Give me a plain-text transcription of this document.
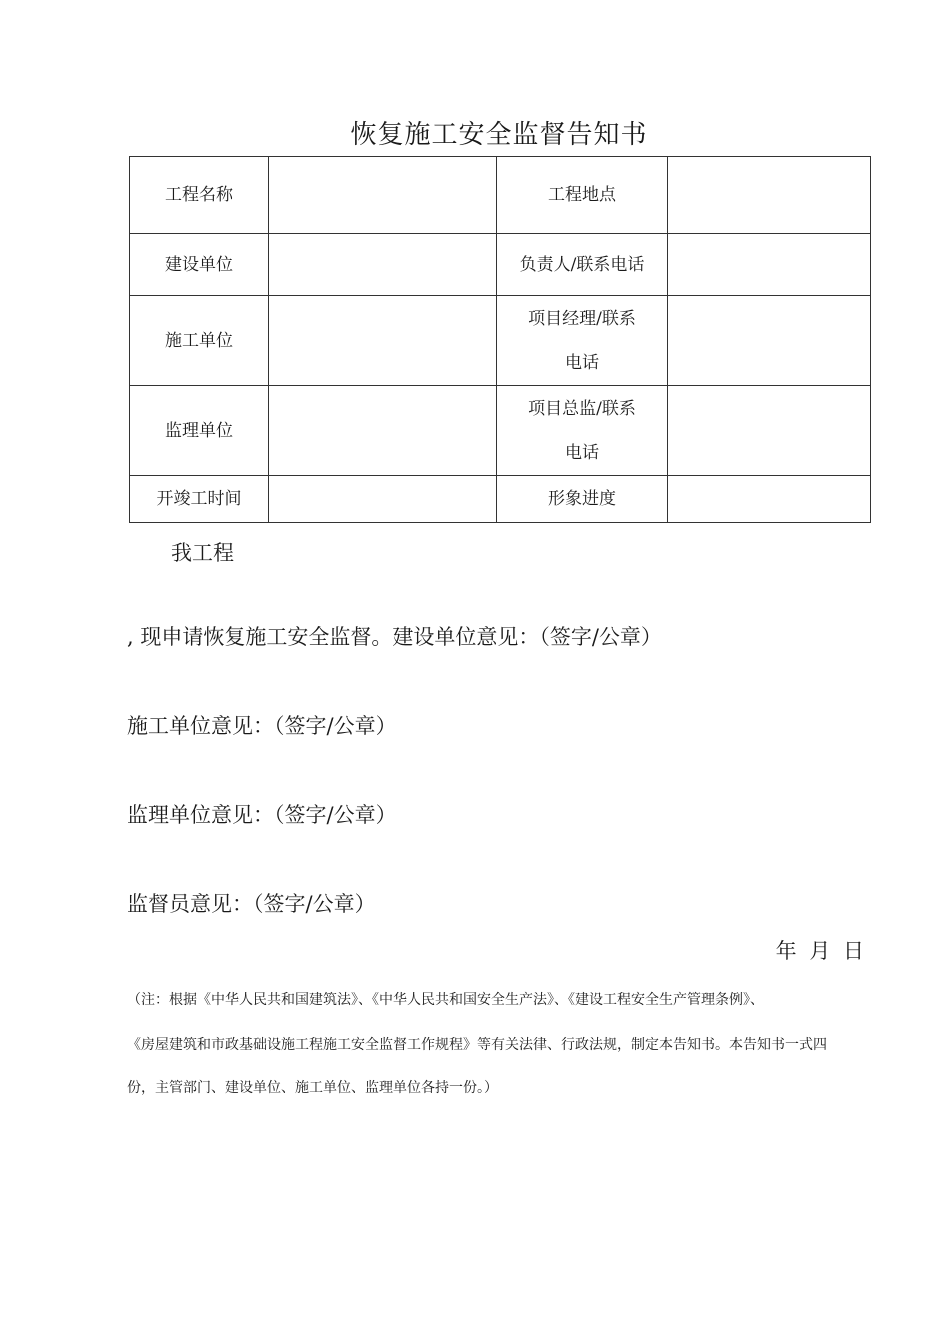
恢复施工安全监督告知书
工程名称		工程地点	
建设单位		负责人/联系电话	
施工单位		项目经理/联系
电话	

监理单位		项目总监/联系
电话	

开竣工时间		形象进度	
我工程
, 现申请恢复施工安全监督。建设单位意见：（签字/公章）
施工单位意见：（签字/公章）
监理单位意见：（签字/公章）
监督员意见：（签字/公章）
年 月 日
（注：根据《中华人民共和国建筑法》、《中华人民共和国安全生产法》、《建设工程安全生产管理条例》、
《房屋建筑和市政基础设施工程施工安全监督工作规程》等有关法律、行政法规，制定本告知书。本告知书一式四
份，主管部门、建设单位、施工单位、监理单位各持一份。）
